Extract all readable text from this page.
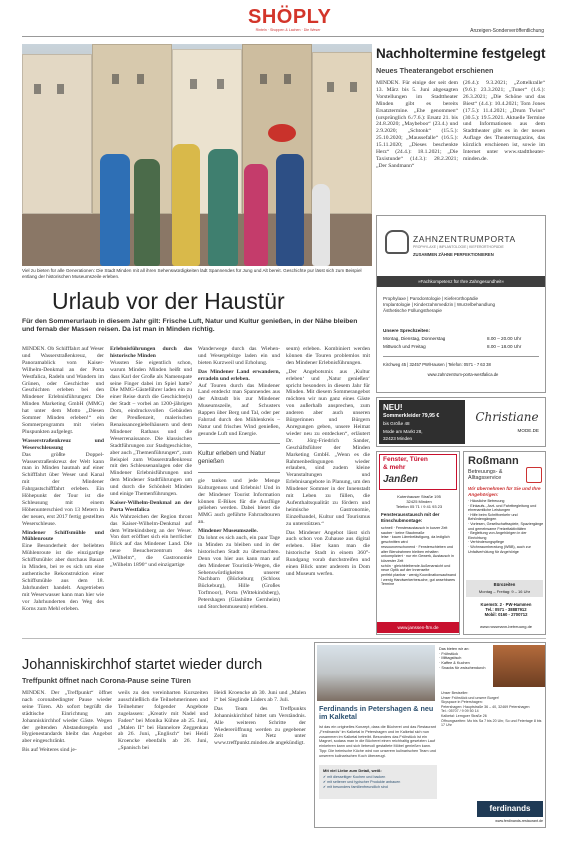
SHÖPLY
Rinteln · Shoppen & Lachen · Die Weser	Anzeigen-Sonderveröffentlichung
Viel zu bieten für alle Generationen: Die Stadt Minden mit all ihren Sehenswürdigkeiten lädt Spannendes für Jung und Alt bereit. Geschichte pur lässt sich zum Beispiel entlang der historischen Museumszeile erleben.
Nachholtermine festgelegt
Neues Theaterangebot erschienen
MINDEN. Für einige der seit dem 13. März bis 5. Juni abgesagten Vorstellungen im Stadttheater Minden gibt es bereits Ersatztermine. „Ehe genommen“ (ursprünglich 6./7.6.): Ersatz 21. bis 24.8.2020; „Maybeboo“ (23.4.) und 2.9.2020; „Schtonk“ (15.5.): 25.10.2020; „Maussefalle“ (16.5.): 15.11.2020; „Dieses beschenkte Herz“ (24.4.): 18.1.2021; „Die Taxistunde“ (14.3.): 28.2.2021; „Der Sandmann“
(26.4.): 9.3.2021; „Zottelkralle“ (9.6.): 23.3.2021; „Tuner“ (1.6.): 26.3.2021; „Die Schöne und das Biest“ (4.4.): 10.4.2021; Tom Jones (17.5.): 11.4.2021; „Drum Twins“ (30.5.): 19.5.2021. Aktuelle Termine und Informationen aus dem Stadttheater gibt es in der neuen Auflage des Theatermagazins, das kürzlich erschienen ist, sowie im Internet unter www.stadttheater-minden.de.
ZAHNZENTRUMPORTA
PROPHYLAXE | IMPLANTOLOGIE | KIEFERORTHOPÄDIE
ZUSAMMEN ZÄHNE PERFEKTIONIEREN
»Fachkompetenz für Ihre Zahngesundheit«
Prophylaxe | Parodontologie | Kieferorthopädie
Implantologie | Kinderzahnmedizin | Wurzelbehandlung
Ästhetische Füllungstherapie
Unsere Sprechzeiten:
Montag, Dienstag, Donnerstag	8.00 – 20.00 Uhr
Mittwoch und Freitag	8.00 – 18.00 Uhr
Kirchweg 45 | 32457 PW/Hausen | Telefon: 0571 - 7 63 38
www.zahnzentrum-porta-westfalica.de
NEU!
Sommerkleider 79,95 €
bis Größe 48
Mode am Markt 28,
32423 Minden
Christiane
MODE.DE
Fenster, Türen
& mehr
Janßen
Kutenhauser Straße 195
32425 Minden
Telefon 05 71 / 9 41 93 23
Fensterausstausch mit der Einschubmontage:
schnell · Fensteraustausch in kurzer Zeit
sauber · keine Staubmaße
leise · kaum Lärmbelästigung, da lediglich geschnitten wird
ressourcenschonend · Fensterschieben und alter Blendrahmen bleiben erhalten
unkompliziert · nur ein Gewerk, Austausch in kürzester Zeit
schön · gleichbleibende Außenansicht und neue Optik auf der Innenseite
perfekt planbar · wenig Koordinationsaufwand / wenig Handwerkerbesuche, gut ansehbares Termine
www.janssen-ftm.de
Roßmann
Betreuungs- & Alltagsservice
Wir übernehmen für Sie und Ihre Angehörigen:
· Häusliche Betreuung
· Einkaufs-, Arzt- und Fahrtbegleitung und ehrenamtliche Leistungen
· Hilfe beim Schriftverkehr und Behördengängen
· Vorlesen, Gesellschaftsspiele, Spaziergänge und gemeinsame Freizeitaktivitäten
· Begleitung von Angehörigen in der Einrichtung
· Verhinderungspflege
· Wohnraumberatung (WBB), auch zur Unfallverhütung für Angehörige
Bürozeiten
Montag – Freitag: 9 – 16 Uhr
Kuemstr. 2 · PW-Hammen
Tel.: 0571 - 38887912
Mobil: 0160 - 2700712
www.rossmann-betreuung.de
Urlaub vor der Haustür
Für den Sommerurlaub in diesem Jahr gilt: Frische Luft, Natur und Kultur genießen, in der Nähe bleiben und fernab der Massen reisen. Da ist man in Minden richtig.
MINDEN. Ob Schifffahrt auf Weser und Wasserstraßenkreuz, der Panoramablick vom Kaiser-Wilhelm-Denkmal an der Porta Westfalica, Radeln und Wandern im Grünen, oder Geschichte und Geschichten erleben bei den Mindener Erlebnisführungen: Die Minden Marketing GmbH (MMG) hat unter dem Motto „Diesen Sommer Minden erleben!“ ein Sommerprogramm mit vielen Pluspunkten aufgelegt.
Wasserstraßenkreuz und Weserschleusung
Das größte Doppel-Wasserstraßenkreuz der Welt kann man in Minden hautnah auf einer Schifffahrt über Weser und Kanal mit der Mindener Fahrgastschifffahrt erleben. Ein Höhepunkt der Tour ist die Schleusung mit einem Höhenunterschied von 13 Metern in der neuen, erst 2017 fertig gestellten Weserschleuse.
Mindener Schiffsmühle und Mühlenroute
Eine Besonderheit der beliebten Mühlenroute ist die einzigartige Schiffsmühle: aber durchaus Bauart in Minden, bei re es sich um eine authentische Rekonstruktion einer Schiffsmühle aus dem 18. Jahrhundert handelt. Angetrieben mit Weserwasser kann man hier wie vor Jahrhunderten den Weg des Korns zum Mehl erleben.
Erlebnisführungen durch das historische Minden
Wussten Sie eigentlich schon, warum Minden Minden heißt und dass Karl der Große als Namenspate seine Finger dabei im Spiel hatte? Die MMG-Gästeführer laden ein zu einer Reise durch die Geschichte(n) der Stadt – vorbei an 1200-jährigen Dom, eindrucksvollen Gebäuden der Preußenzeit, malerischen Renaissancegiebelhäusern und dem Mindener Rathaus und die Weserrenaissance. Die klassischen Stadtführungen zur Stadtgeschichte, aber auch „Themenführungen“, zum Beispiel zum Wasserstraßenkreuz mit den Schleusenanlagen oder die Mindener Erlebnisführungen und dem Mindener Stadtführungen um und durch die Schönheit Minden und einige Themenführungen.
Kaiser-Wilhelm-Denkmal an der Porta Westfalica
Als Wahrzeichen der Region thront das Kaiser-Wilhelm-Denkmal auf dem Wittekindsberg an der Weser. Von dort eröffnet sich ein herrlicher Blick auf das Mindener Land. Die neue Besucherzentrum des „Wilhelm“, die Gastronomie „Wilhelm 1896“ und einzigartige
Wanderwege durch das Wiehen- und Wesergebirge laden ein und bieten Kurzweil und Erholung.
Das Mindener Land erwandern, erradeln und erleben.
Auf Touren durch das Mindener Land entdeckt man Spannendes aus der Altstadt bis zur Mindener Museumszeile, auf Schusters Rappen über Berg und Tal, oder per Fahrrad durch den Mühlenkreis – Natur und frisches Wind genießen, gesunde Luft und Energie.
Kultur erleben und Natur genießen
gie tanken und jede Menge Kulturgenuss und Erlebnis! Und in der Mindener Tourist Information können E-Bikes für die Ausflüge geliehen werden. Dabei bietet die MMG auch geführte Fahrradtouren an.
Mindener Museumszeile.
Da lohnt es sich auch, ein paar Tage in Minden zu bleiben und in der historischen Stadt zu übernachten. Denn von hier aus kann man auf den Mindener Touristik-Wegen, die Sehenswürdigkeiten unserer Nachbarn (Bückeburg (Schloss Bückeburg), Hille (Großes Torfmoor), Porta (Wittekindsberg), Petershagen (Glashütte Gernheim) und Storchenmuseum) erleben.
seum) erleben. Kombiniert werden können die Touren problemlos mit den Mindener Erlebnisführungen.
„Der Angebotsmix aus ‚Kultur erleben‘ und ‚Natur genießen‘ spricht besonders in diesem Jahr für Minden. Mit diesem Sommerangebot möchten wir nun ganz eines Gäste von außerhalb ansprechen, zum anderen aber auch unseren Bürgerinnen und Bürgern Anregungen geben, unsere Heimat wieder neu zu entdecken“, erläutert Dr. Jörg-Friedrich Sander, Geschäftsführer der Minden Marketing GmbH. „Wenn es die Rahmenbedingungen wieder erlauben, sind zudem kleine Veranstaltungen und Erlebnisangebote in Planung, um den Mindener Sommer in der Innenstadt mit Leben zu füllen, die Aufenthaltsqualität zu fördern und heimische Gastronomie, Einzelhandel, Kultur und Tourismus zu unterstützen.“
Das Mindener Angebot lässt sich auch schon von Zuhause aus digital erleben. Hier kann man die historische Stadt in einem 360°-Rundgang vorab durchstreifen und einen Blick unter anderem in Dom und Museum werfen.
Johanniskirchhof startet wieder durch
Treffpunkt öffnet nach Corona-Pause seine Türen
MINDEN. Der „Treffpunkt“ öffnet nach coronabedingter Pause wieder seine Türen. Ab sofort begrüßt die städtische Einrichtung am Johanniskirchhof wieder Gäste. Wegen der geltenden Abstandsregeln und Hygienestandards bleibt das Angebot aber eingeschränkt.
Bis auf Weiteres sind je-
weils zu den vereinbarten Kurszeiten ausschließlich die Teilnehmerinnen und Teilnehmer folgender Angebote zugelassen: „Kreativ mit Nadel und Faden“ bei Monika Kühne ab 25. Juni, „Malen II“ bei Hannelore Zeggenkau ab 26. Juni, „Englisch“ bei Heidi Kroencke ebenfalls ab 26. Juni, „Spanisch bei
Heidi Kroencke ab 30. Juni und „Malen I“ bei Sieglinde Lüders ab 7. Juli.
Das Team des Treffpunkts Johanniskirchhof hittet um Verständnis. Alle weiteren Schritte der Wiedereröffnung werden zu gegebener Zeit im Netz unter www.treffpunkt.minden.de angekündigt.
Das bieten wir an:
· Frühstück
· Mittagstisch
· Kaffee & Kuchen
· Snacks für zwischendurch
Ferdinands in Petershagen & neu im Kalketal
Ist das ein originelles Konzept, dass die Bücherei und das Restaurant „Ferdinands“ im Kalketal in Petershagen und im Kalketal sich nun zusammen im Kalketal betreibt. Besonders das Frühstück ist ein Magnet, sodass man in die Bücherei einen reichhaltig gesetzten Lauf einkehren kann und sich liebevoll gestaltete Möbel genießen kann. Tipp: Die heimische Küche wird von unserem kulinarischen Team und unserem kulinarischen Koch überzeugt.
Mit viel Liebe zum Detail, weiß:
✔ mit diesseitiger Kochen und backen
✔ mit seltener und typischer Produkte anbauen
✔ mit besonders familienfreundlich sind
Unser Bestseller:
Unser Frühstück und unsere Burger!
Skyspace in Petershagen:
Petershagen: Hauptstraße 36 – 40, 32469 Petershagen
Tel.: 05707 / 9 09 50 14
Kalketal: Lemgoer Straße 26
Öffnungszeiten: Mo bis Sa 7 bis 20 Uhr, So und Feiertage 8 bis 17 Uhr
ferdinands
www.ferdinands-restaurant.de
